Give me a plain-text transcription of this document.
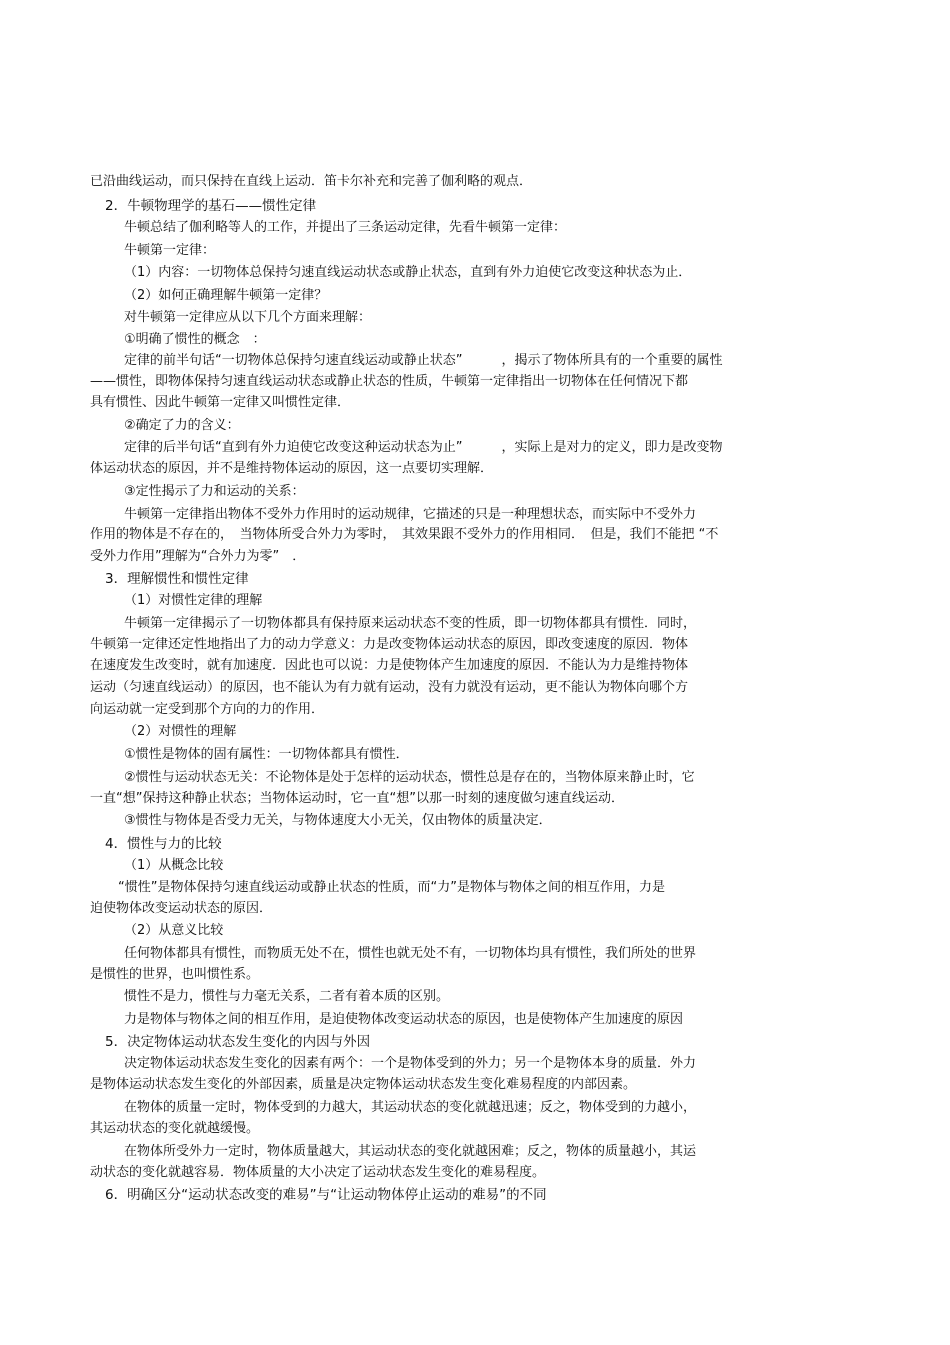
已沿曲线运动，而只保持在直线上运动．笛卡尔补充和完善了伽利略的观点．

2．牛顿物理学的基石——惯性定律

牛顿总结了伽利略等人的工作，并提出了三条运动定律，先看牛顿第一定律：

牛顿第一定律：

（1）内容：一切物体总保持匀速直线运动状态或静止状态，直到有外力迫使它改变这种状态为止．

（2）如何正确理解牛顿第一定律？

对牛顿第一定律应从以下几个方面来理解：

①明确了惯性的概念　：

定律的前半句话“一切物体总保持匀速直线运动或静止状态”　　　，揭示了物体所具有的一个重要的属性

——惯性，即物体保持匀速直线运动状态或静止状态的性质，牛顿第一定律指出一切物体在任何情况下都

具有惯性、因此牛顿第一定律又叫惯性定律．

②确定了力的含义：

定律的后半句话“直到有外力迫使它改变这种运动状态为止”　　　，实际上是对力的定义，即力是改变物

体运动状态的原因，并不是维持物体运动的原因，这一点要切实理解．

③定性揭示了力和运动的关系：

牛顿第一定律指出物体不受外力作用时的运动规律，它描述的只是一种理想状态，而实际中不受外力

作用的物体是不存在的，　当物体所受合外力为零时，　其效果跟不受外力的作用相同．　但是，我们不能把 “不

受外力作用”理解为“合外力为零”　．

3．理解惯性和惯性定律

（1）对惯性定律的理解

牛顿第一定律揭示了一切物体都具有保持原来运动状态不变的性质，即一切物体都具有惯性．同时，

牛顿第一定律还定性地指出了力的动力学意义：力是改变物体运动状态的原因，即改变速度的原因．物体

在速度发生改变时，就有加速度．因此也可以说：力是使物体产生加速度的原因．不能认为力是维持物体

运动（匀速直线运动）的原因，也不能认为有力就有运动，没有力就没有运动，更不能认为物体向哪个方

向运动就一定受到那个方向的力的作用．

（2）对惯性的理解

①惯性是物体的固有属性：一切物体都具有惯性．

②惯性与运动状态无关：不论物体是处于怎样的运动状态，惯性总是存在的，当物体原来静止时，它

一直“想”保持这种静止状态；当物体运动时，它一直“想”以那一时刻的速度做匀速直线运动．

③惯性与物体是否受力无关，与物体速度大小无关，仅由物体的质量决定．

4．惯性与力的比较

（1）从概念比较

“惯性”是物体保持匀速直线运动或静止状态的性质，而“力”是物体与物体之间的相互作用，力是

迫使物体改变运动状态的原因．

（2）从意义比较

任何物体都具有惯性，而物质无处不在，惯性也就无处不有，一切物体均具有惯性，我们所处的世界

是惯性的世界，也叫惯性系。

惯性不是力，惯性与力毫无关系，二者有着本质的区别。

力是物体与物体之间的相互作用，是迫使物体改变运动状态的原因，也是使物体产生加速度的原因

5．决定物体运动状态发生变化的内因与外因

决定物体运动状态发生变化的因素有两个：一个是物体受到的外力；另一个是物体本身的质量．外力

是物体运动状态发生变化的外部因素，质量是决定物体运动状态发生变化难易程度的内部因素。

在物体的质量一定时，物体受到的力越大，其运动状态的变化就越迅速；反之，物体受到的力越小，

其运动状态的变化就越缓慢。

在物体所受外力一定时，物体质量越大，其运动状态的变化就越困难；反之，物体的质量越小，其运

动状态的变化就越容易．物体质量的大小决定了运动状态发生变化的难易程度。

6．明确区分“运动状态改变的难易”与“让运动物体停止运动的难易”的不同
